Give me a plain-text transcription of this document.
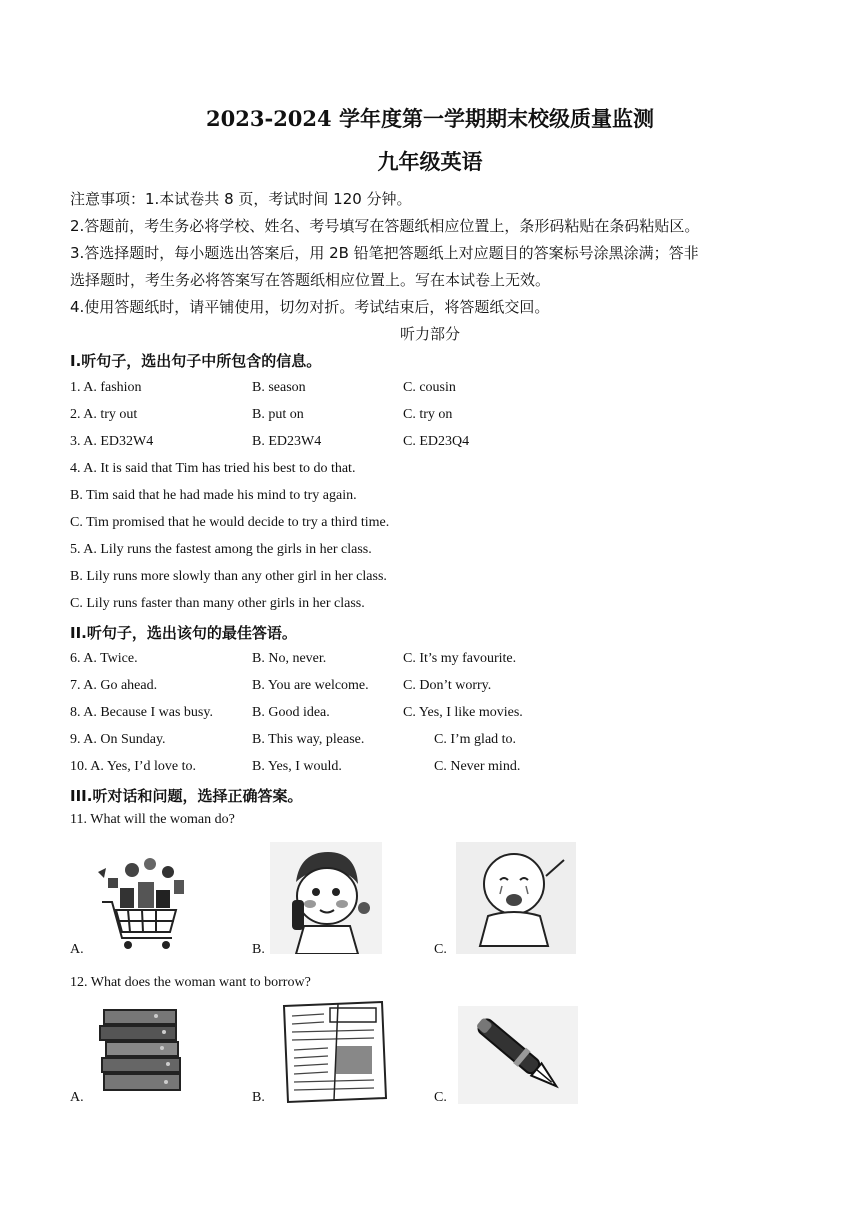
2023-2024 学年度第一学期期末校级质量监测
九年级英语

注意事项：1.本试卷共 8 页，考试时间 120 分钟。

2.答题前，考生务必将学校、姓名、考号填写在答题纸相应位置上，条形码粘贴在条码粘贴区。

3.答选择题时，每小题选出答案后，用 2B 铅笔把答题纸上对应题目的答案标号涂黑涂满；答非

选择题时，考生务必将答案写在答题纸相应位置上。写在本试卷上无效。

4.使用答题纸时，请平铺使用，切勿对折。考试结束后，将答题纸交回。

听力部分
I.听句子，选出句子中所包含的信息。
1. A. fashion	B. season	C. cousin
2. A. try out	B. put on	C. try on
3. A. ED32W4	B. ED23W4	C. ED23Q4
4. A. It is said that Tim has tried his best to do that.
B. Tim said that he had made his mind to try again.
C. Tim promised that he would decide to try a third time.
5. A. Lily runs the fastest among the girls in her class.
B. Lily runs more slowly than any other girl in her class.
C. Lily runs faster than many other girls in her class.
II.听句子，选出该句的最佳答语。
6. A. Twice.	B. No, never.	C. It’s my favourite.
7. A. Go ahead.	B. You are welcome. C. Don’t worry.
8. A. Because I was busy.	B. Good idea.	C. Yes, I like movies.
9. A. On Sunday.	B. This way, please.	C. I’m glad to.
10. A. Yes, I’d love to.	B. Yes, I would.	C. Never mind.
III.听对话和问题，选择正确答案。
11. What will the woman do?
A.	B.	C.
12. What does the woman want to borrow?
A.	B.	C.
